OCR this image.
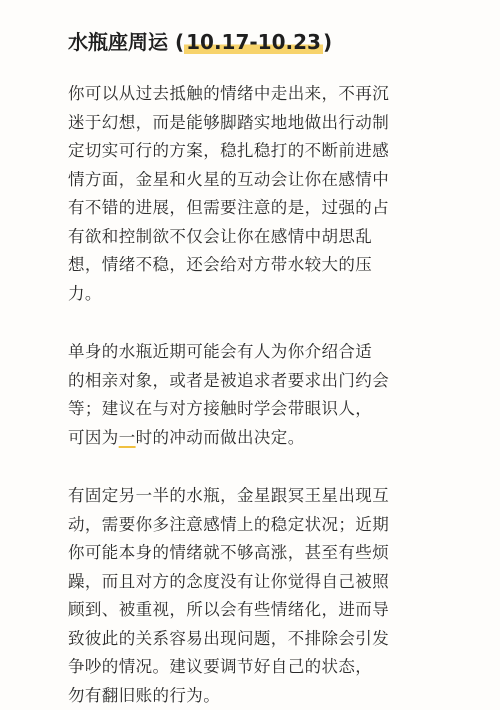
水瓶座周运 ( 10.17-10.23 )
你可以从过去抵触的情绪中走出来，不再沉
迷于幻想，而是能够脚踏实地地做出行动制
定切实可行的方案，稳扎稳打的不断前进感
情方面，金星和火星的互动会让你在感情中
有不错的进展，但需要注意的是，过强的占
有欲和控制欲不仅会让你在感情中胡思乱
想，情绪不稳，还会给对方带水较大的压
力。
单身的水瓶近期可能会有人为你介绍合适
的相亲对象，或者是被追求者要求出门约会
等；建议在与对方接触时学会带眼识人，
可因为一时的冲动而做出决定。
有固定另一半的水瓶，金星跟冥王星出现互
动，需要你多注意感情上的稳定状况；近期
你可能本身的情绪就不够高涨，甚至有些烦
躁，而且对方的念度没有让你觉得自己被照
顾到、被重视，所以会有些情绪化，进而导
致彼此的关系容易出现问题，不排除会引发
争吵的情况。建议要调节好自己的状态，
勿有翻旧账的行为。
